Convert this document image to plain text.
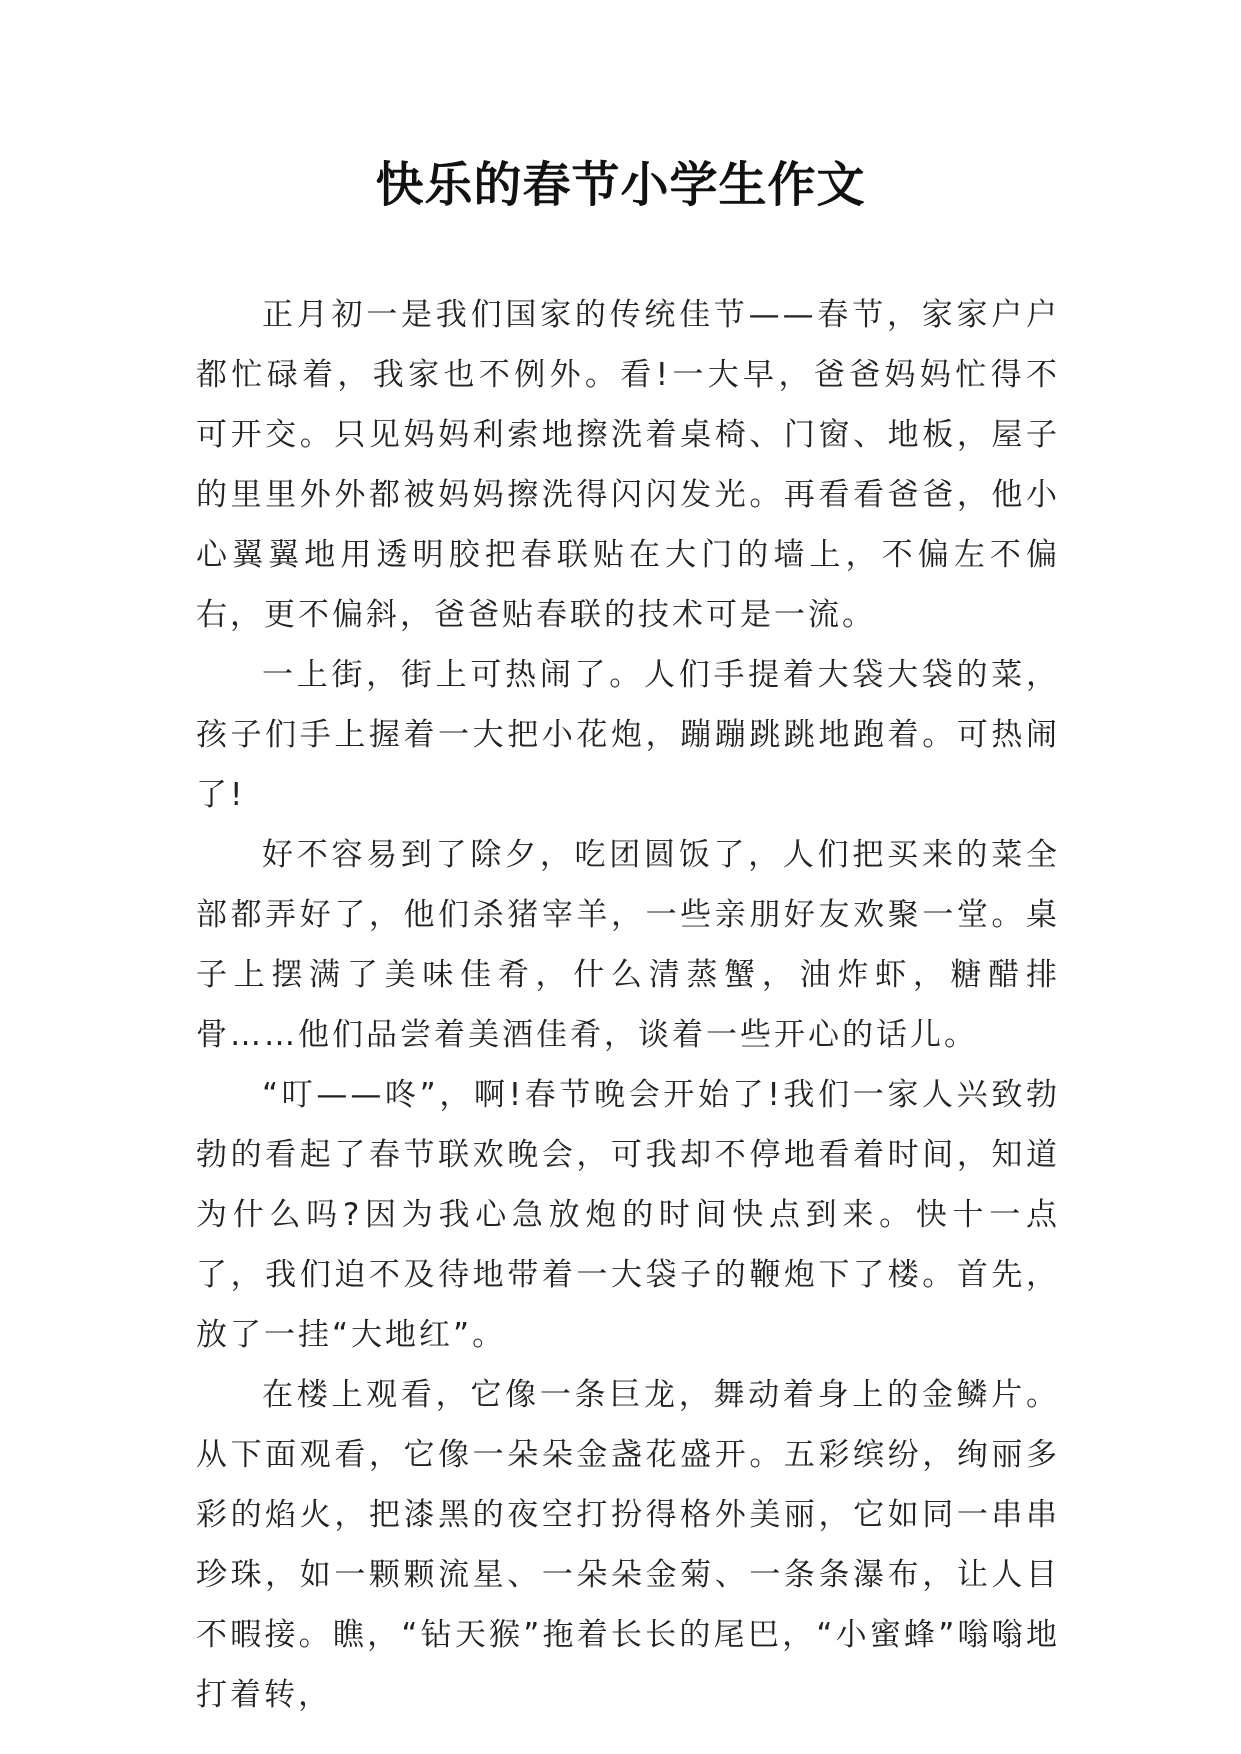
快乐的春节小学生作文

正月初一是我们国家的传统佳节——春节，家家户户都忙碌着，我家也不例外。看!一大早，爸爸妈妈忙得不可开交。只见妈妈利索地擦洗着桌椅、门窗、地板，屋子的里里外外都被妈妈擦洗得闪闪发光。再看看爸爸，他小心翼翼地用透明胶把春联贴在大门的墙上，不偏左不偏右，更不偏斜，爸爸贴春联的技术可是一流。

一上街，街上可热闹了。人们手提着大袋大袋的菜，孩子们手上握着一大把小花炮，蹦蹦跳跳地跑着。可热闹了!

好不容易到了除夕，吃团圆饭了，人们把买来的菜全部都弄好了，他们杀猪宰羊，一些亲朋好友欢聚一堂。桌子上摆满了美味佳肴，什么清蒸蟹，油炸虾，糖醋排骨……他们品尝着美酒佳肴，谈着一些开心的话儿。

“叮——咚”，啊!春节晚会开始了!我们一家人兴致勃勃的看起了春节联欢晚会，可我却不停地看着时间，知道为什么吗?因为我心急放炮的时间快点到来。快十一点了，我们迫不及待地带着一大袋子的鞭炮下了楼。首先，放了一挂“大地红”。

在楼上观看，它像一条巨龙，舞动着身上的金鳞片。从下面观看，它像一朵朵金盏花盛开。五彩缤纷，绚丽多彩的焰火，把漆黑的夜空打扮得格外美丽，它如同一串串珍珠，如一颗颗流星、一朵朵金菊、一条条瀑布，让人目不暇接。瞧，“钻天猴”拖着长长的尾巴，“小蜜蜂”嗡嗡地打着转，
